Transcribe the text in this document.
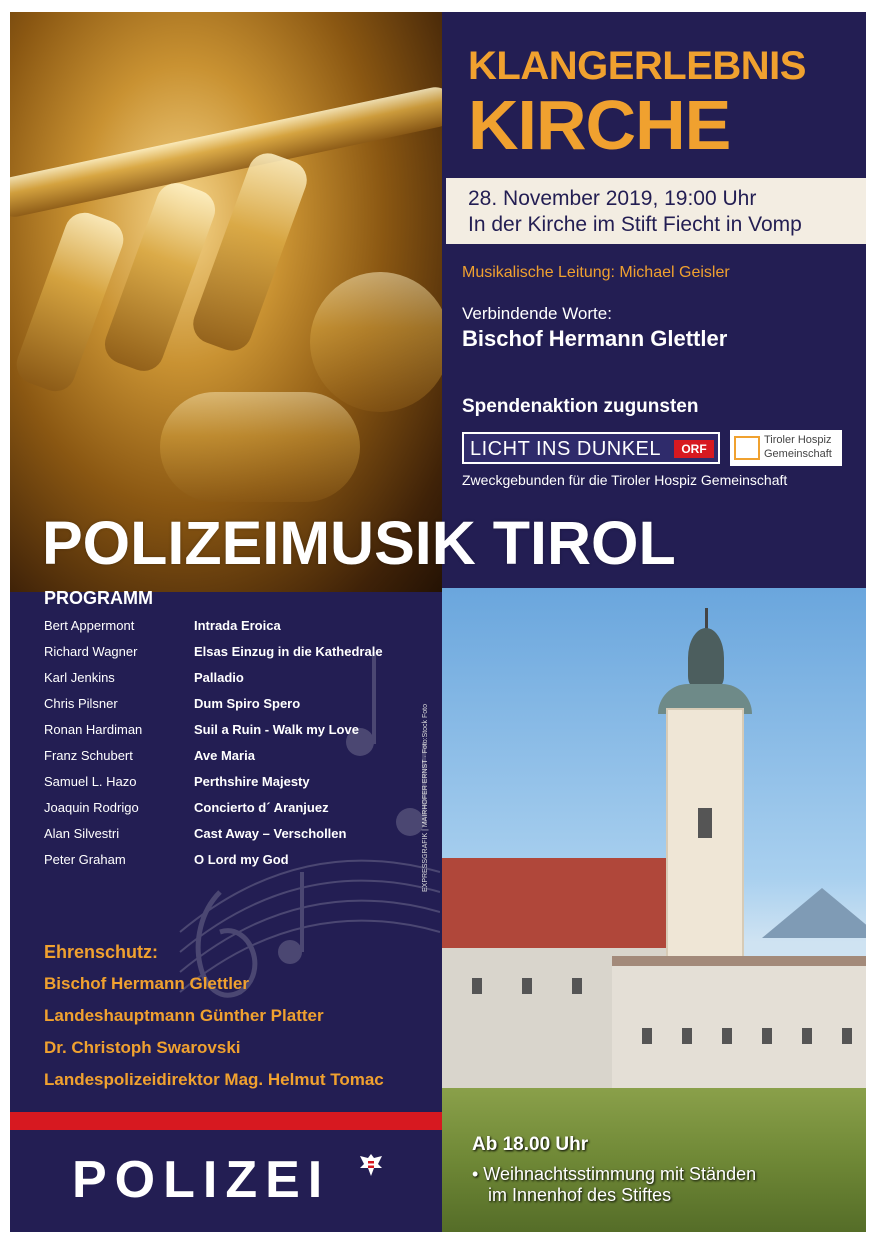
KLANGERLEBNIS
KIRCHE
28. November 2019, 19:00 Uhr
In der Kirche im Stift Fiecht in Vomp
Musikalische Leitung: Michael Geisler
Verbindende Worte:
Bischof Hermann Glettler
Spendenaktion zugunsten
LICHT INS DUNKEL	ORF
Tiroler Hospiz
Gemeinschaft
Zweckgebunden für die Tiroler Hospiz Gemeinschaft
Ab 18.00 Uhr
• Weihnachtsstimmung mit Ständen
im Innenhof des Stiftes
POLIZEIMUSIK TIROL
PROGRAMM
Bert Appermont	Intrada Eroica
Richard Wagner	Elsas Einzug in die Kathedrale
Karl Jenkins	Palladio
Chris Pilsner	Dum Spiro Spero
Ronan Hardiman	Suil a Ruin - Walk my Love
Franz Schubert	Ave Maria
Samuel L. Hazo	Perthshire Majesty
Joaquin Rodrigo	Concierto d´ Aranjuez
Alan Silvestri	Cast Away – Verschollen
Peter Graham	O Lord my God
Ehrenschutz:
Bischof Hermann Glettler
Landeshauptmann Günther Platter
Dr. Christoph Swarovski
Landespolizeidirektor Mag. Helmut Tomac
EXPRESSGRAFIK | MAIRHOFER ERNST · Foto:Stock Foto
POLIZEI
